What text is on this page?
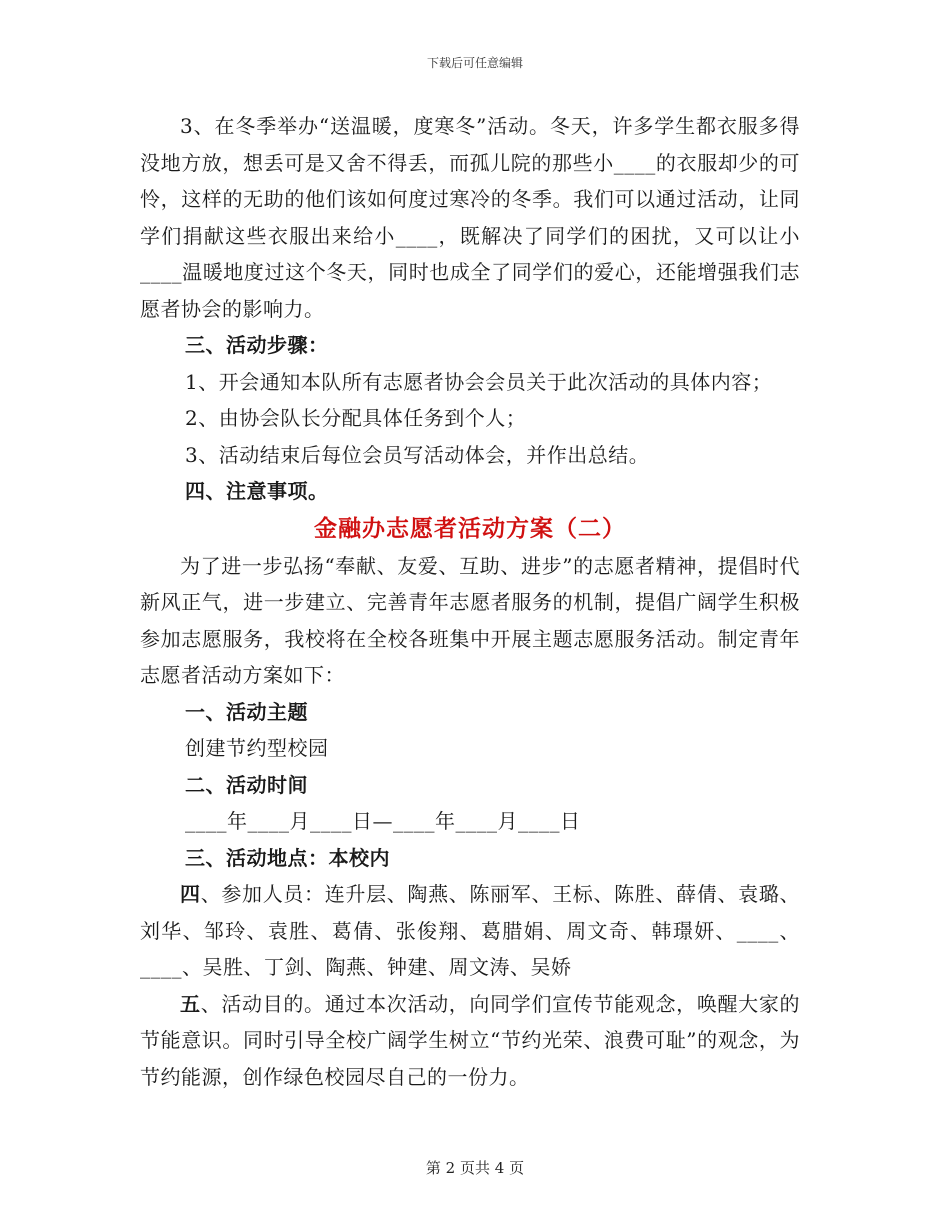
下载后可任意编辑

3、在冬季举办“送温暖，度寒冬”活动。冬天，许多学生都衣服多得没地方放，想丢可是又舍不得丢，而孤儿院的那些小____的衣服却少的可怜，这样的无助的他们该如何度过寒冷的冬季。我们可以通过活动，让同学们捐献这些衣服出来给小____，既解决了同学们的困扰，又可以让小____温暖地度过这个冬天，同时也成全了同学们的爱心，还能增强我们志愿者协会的影响力。

三、活动步骤：

1、开会通知本队所有志愿者协会会员关于此次活动的具体内容；

2、由协会队长分配具体任务到个人；

3、活动结束后每位会员写活动体会，并作出总结。

四、注意事项。

金融办志愿者活动方案（二）

为了进一步弘扬“奉献、友爱、互助、进步”的志愿者精神，提倡时代新风正气，进一步建立、完善青年志愿者服务的机制，提倡广阔学生积极参加志愿服务，我校将在全校各班集中开展主题志愿服务活动。制定青年志愿者活动方案如下：

一、活动主题

创建节约型校园

二、活动时间

____年____月____日—____年____月____日

三、活动地点：本校内

四、参加人员：连升层、陶燕、陈丽军、王标、陈胜、薛倩、袁璐、刘华、邹玲、袁胜、葛倩、张俊翔、葛腊娟、周文奇、韩璟妍、____、____、吴胜、丁剑、陶燕、钟建、周文涛、吴娇

五、活动目的。通过本次活动，向同学们宣传节能观念，唤醒大家的节能意识。同时引导全校广阔学生树立“节约光荣、浪费可耻”的观念，为节约能源，创作绿色校园尽自己的一份力。

第 2 页共 4 页
